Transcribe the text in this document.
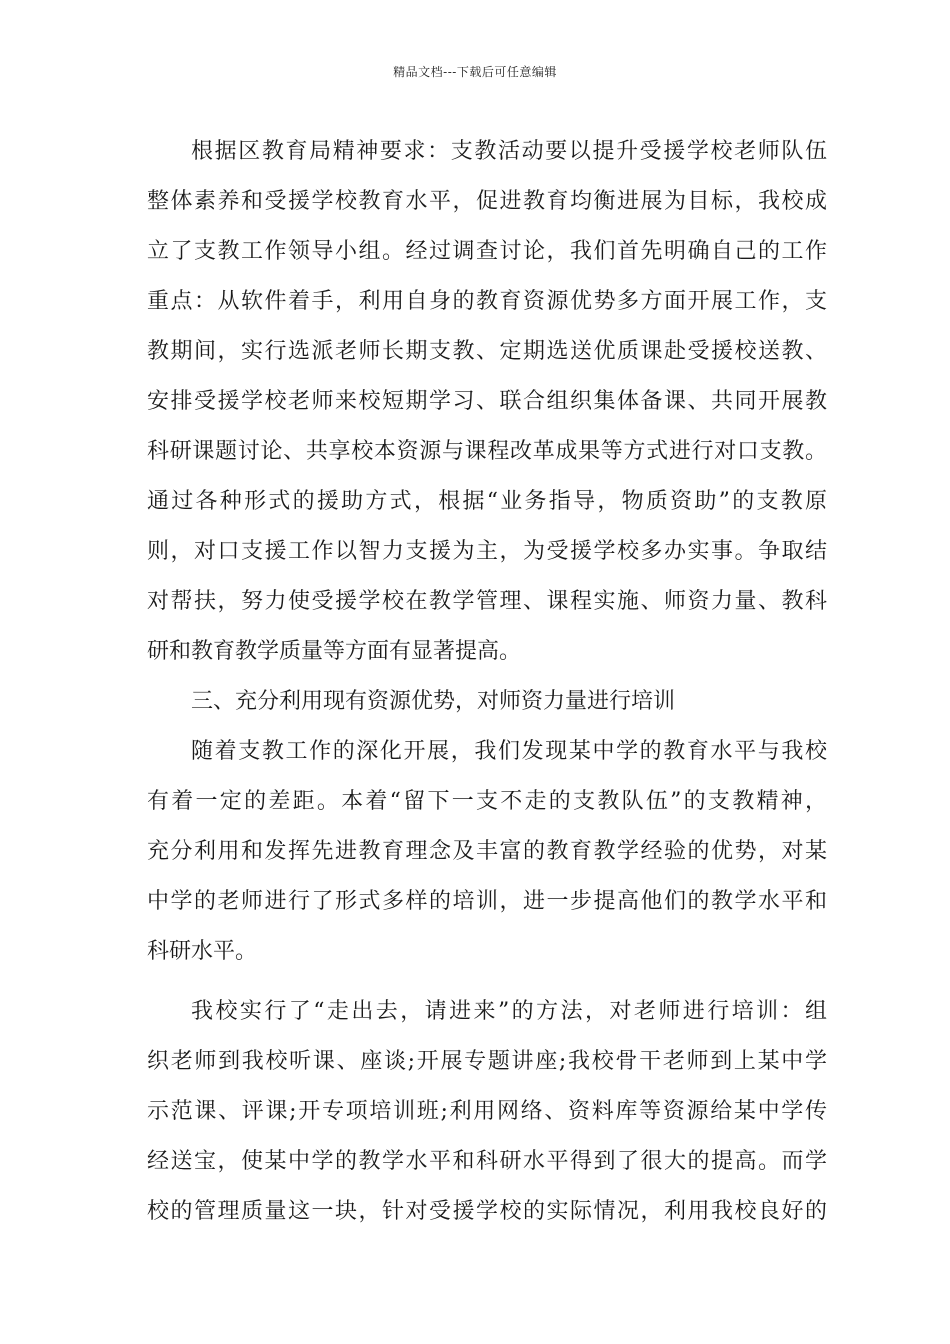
精品文档---下载后可任意编辑
根据区教育局精神要求：支教活动要以提升受援学校老师队伍
整体素养和受援学校教育水平，促进教育均衡进展为目标，我校成
立了支教工作领导小组。经过调查讨论，我们首先明确自己的工作
重点：从软件着手，利用自身的教育资源优势多方面开展工作，支
教期间，实行选派老师长期支教、定期选送优质课赴受援校送教、
安排受援学校老师来校短期学习、联合组织集体备课、共同开展教
科研课题讨论、共享校本资源与课程改革成果等方式进行对口支教。
通过各种形式的援助方式，根据“业务指导，物质资助”的支教原
则，对口支援工作以智力支援为主，为受援学校多办实事。争取结
对帮扶，努力使受援学校在教学管理、课程实施、师资力量、教科
研和教育教学质量等方面有显著提高。
三、充分利用现有资源优势，对师资力量进行培训
随着支教工作的深化开展，我们发现某中学的教育水平与我校
有着一定的差距。本着“留下一支不走的支教队伍”的支教精神，
充分利用和发挥先进教育理念及丰富的教育教学经验的优势，对某
中学的老师进行了形式多样的培训，进一步提高他们的教学水平和
科研水平。
我校实行了“走出去，请进来”的方法，对老师进行培训：组
织老师到我校听课、座谈;开展专题讲座;我校骨干老师到上某中学
示范课、评课;开专项培训班;利用网络、资料库等资源给某中学传
经送宝，使某中学的教学水平和科研水平得到了很大的提高。而学
校的管理质量这一块，针对受援学校的实际情况，利用我校良好的
